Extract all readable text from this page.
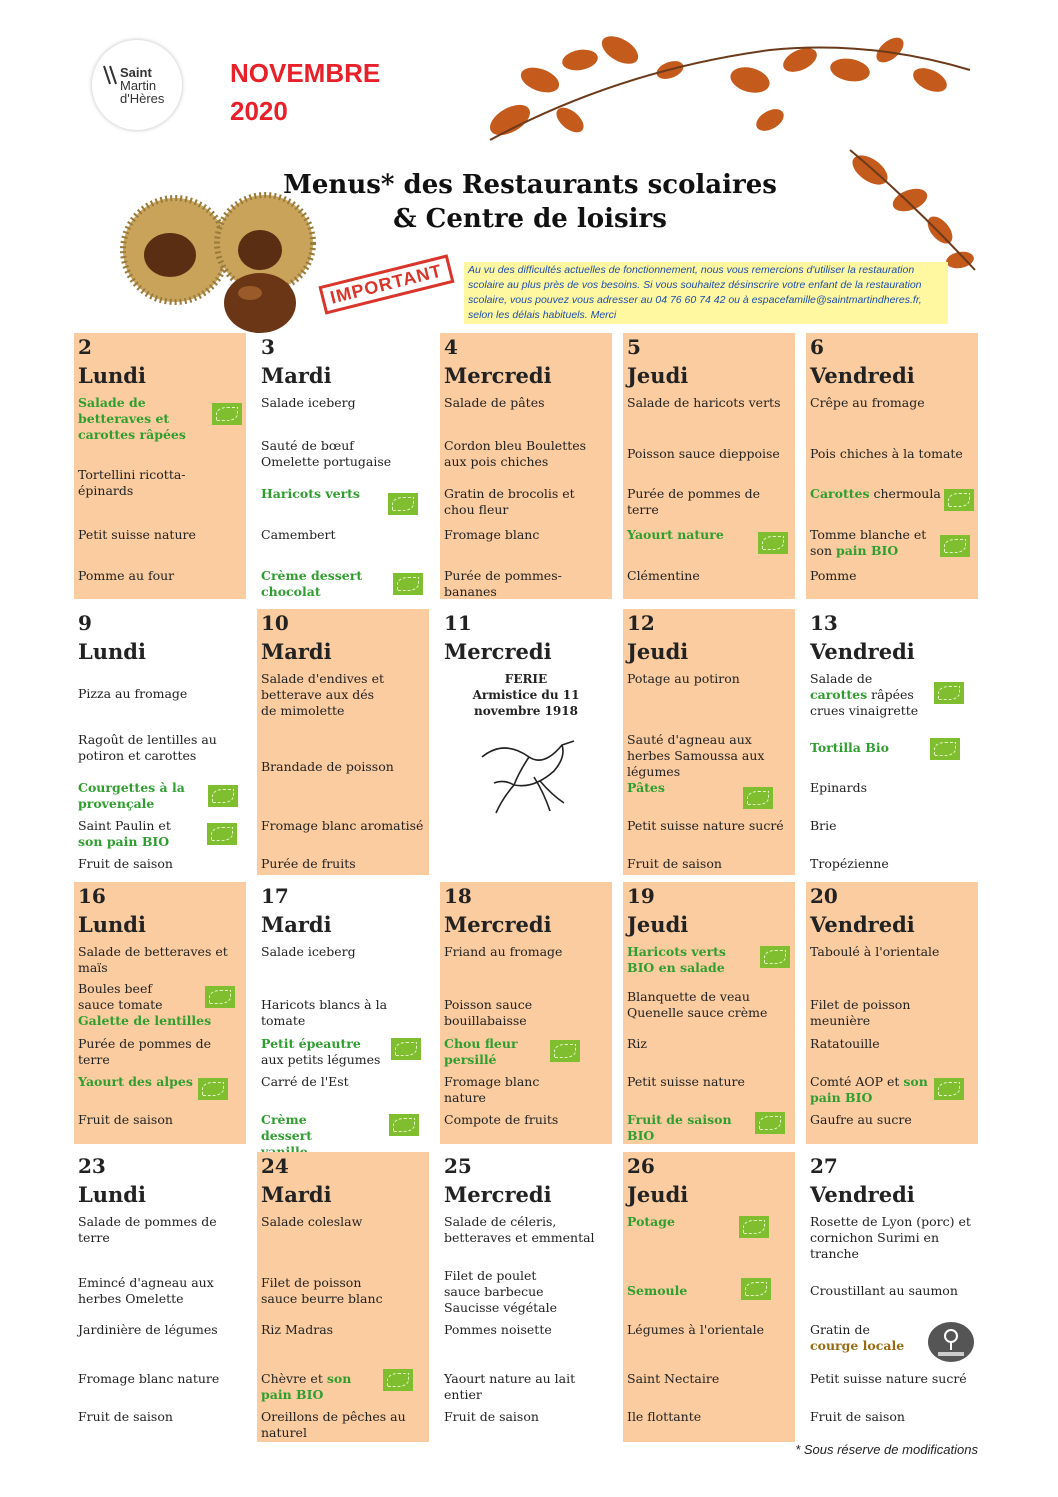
Saint
Martin
d'Hères
NOVEMBRE
2020
Menus* des Restaurants scolaires
& Centre de loisirs
IMPORTANT	Au vu des difficultés actuelles de fonctionnement, nous vous remercions d'utiliser la restauration scolaire au plus près de vos besoins. Si vous souhaitez désinscrire votre enfant de la restauration scolaire, vous pouvez vous adresser au 04 76 60 74 42 ou à espacefamille@saintmartindheres.fr, selon les délais habituels. Merci
2
Lundi
Salade de betteraves et carottes râpées
Tortellini ricotta-épinards
Petit suisse nature
Pomme au four
3
Mardi
Salade iceberg
Sauté de bœuf Omelette portugaise
Haricots verts
Camembert
Crème dessert chocolat
4
Mercredi
Salade de pâtes
Cordon bleu Boulettes aux pois chiches
Gratin de brocolis et chou fleur
Fromage blanc
Purée de pommes-bananes
5
Jeudi
Salade de haricots verts
Poisson sauce dieppoise
Purée de pommes de terre
Yaourt nature
Clémentine
6
Vendredi
Crêpe au fromage
Pois chiches à la tomate
Carottes chermoula
Tomme blanche et son pain BIO
Pomme
9
Lundi
Pizza au fromage
Ragoût de lentilles au potiron et carottes
Courgettes à la provençale
Saint Paulin et son pain BIO
Fruit de saison
10
Mardi
Salade d'endives et betterave aux dés de mimolette
Brandade de poisson
Fromage blanc aromatisé
Purée de fruits
11
Mercredi
FERIE
Armistice du 11 novembre 1918
12
Jeudi
Potage au potiron
Sauté d'agneau aux herbes Samoussa aux légumes
Pâtes
Petit suisse nature sucré
Fruit de saison
13
Vendredi
Salade de carottes râpées crues vinaigrette
Tortilla Bio
Epinards
Brie
Tropézienne
16
Lundi
Salade de betteraves et maïs
Boules beef sauce tomate
Galette de lentilles
Purée de pommes de terre
Yaourt des alpes
Fruit de saison
17
Mardi
Salade iceberg
Haricots blancs à la tomate
Petit épeautre aux petits légumes
Carré de l'Est
Crème dessert
18
Mercredi
Friand au fromage
Poisson sauce bouillabaisse
Chou fleur persillé
Fromage blanc nature
Compote de fruits
19
Jeudi
Haricots verts BIO en salade
Blanquette de veau Quenelle sauce crème
Riz
Petit suisse nature
Fruit de saison BIO
20
Vendredi
Taboulé à l'orientale
Filet de poisson meunière
Ratatouille
Comté AOP et son pain BIO
Gaufre au sucre
23
Lundi
Salade de pommes de terre
Emincé d'agneau aux herbes Omelette
Jardinière de légumes
Fromage blanc nature
Fruit de saison
24
Mardi
Salade coleslaw
Filet de poisson sauce beurre blanc
Riz Madras
Chèvre et son pain BIO
Oreillons de pêches au naturel
25
Mercredi
Salade de céleris, betteraves et emmental
Filet de poulet sauce barbecue Saucisse végétale
Pommes noisette
Yaourt nature au lait entier
Fruit de saison
26
Jeudi
Potage
Semoule
Légumes à l'orientale
Saint Nectaire
Ile flottante
27
Vendredi
Rosette de Lyon (porc) et cornichon Surimi en tranche
Croustillant au saumon
Gratin de courge locale
Petit suisse nature sucré
Fruit de saison
* Sous réserve de modifications
